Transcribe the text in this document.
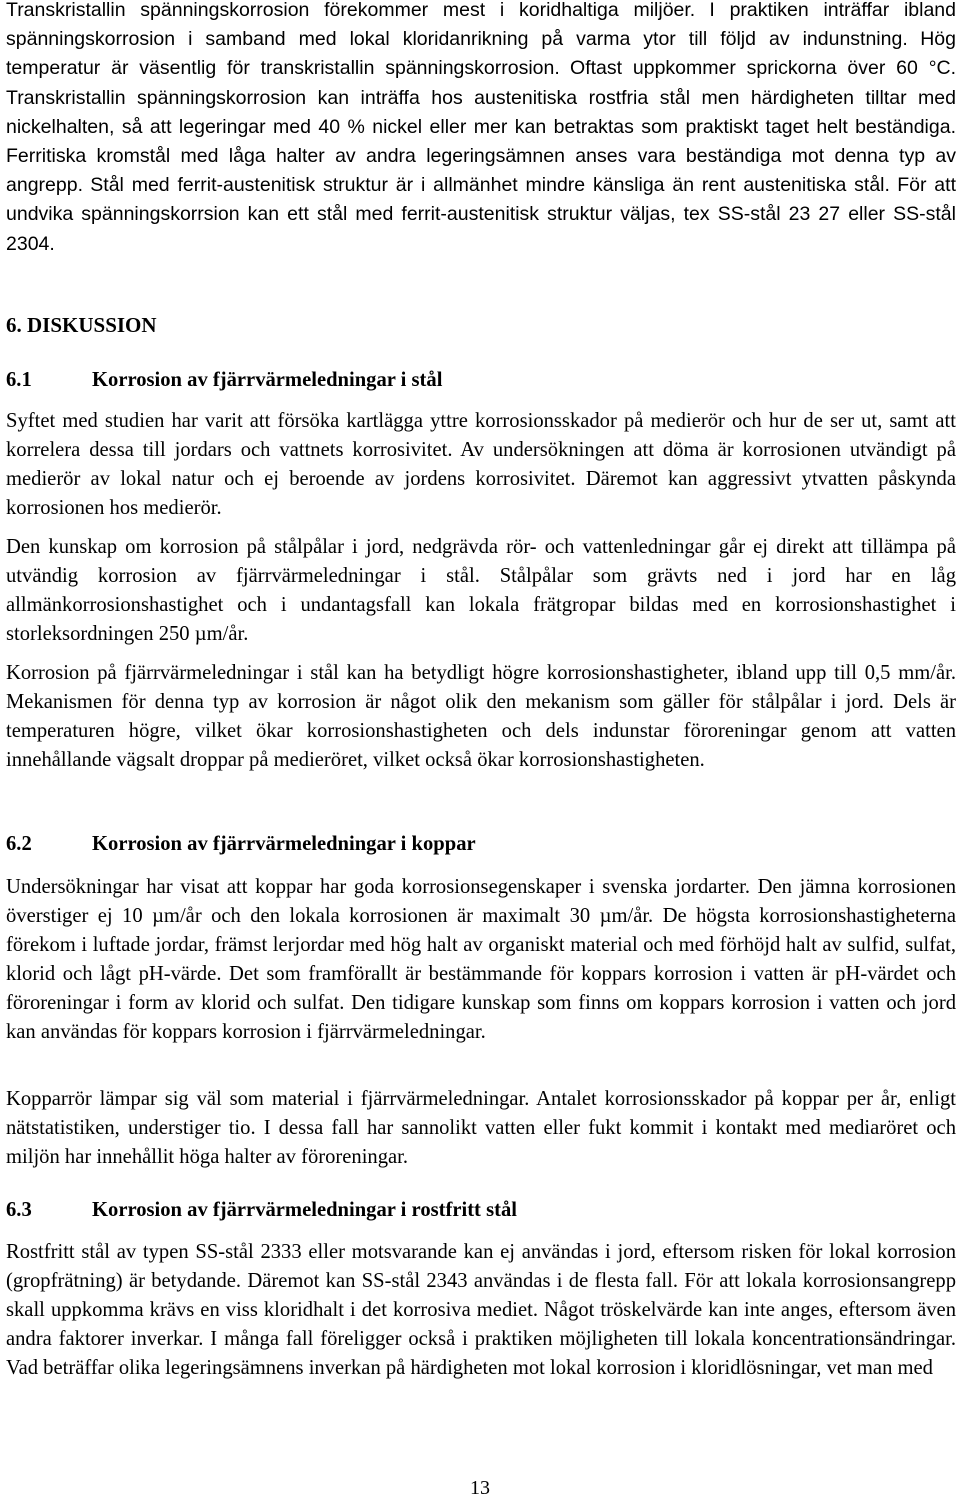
Transkristallin spänningskorrosion förekommer mest i koridhaltiga miljöer. I praktiken inträffar ibland spänningskorrosion i samband med lokal kloridanrikning på varma ytor till följd av indunstning. Hög temperatur är väsentlig för transkristallin spänningskorrosion. Oftast uppkommer sprickorna över 60 °C. Transkristallin spänningskorrosion kan inträffa hos austenitiska rostfria stål men härdigheten tilltar med nickelhalten, så att legeringar med 40 % nickel eller mer kan betraktas som praktiskt taget helt beständiga. Ferritiska kromstål med låga halter av andra legeringsämnen anses vara beständiga mot denna typ av angrepp. Stål med ferrit-austenitisk struktur är i allmänhet mindre känsliga än rent austenitiska stål. För att undvika spänningskorrsion kan ett stål med ferrit-austenitisk struktur väljas, tex SS-stål 23 27 eller SS-stål 2304.

6. DISKUSSION
6.1	Korrosion av fjärrvärmeledningar i stål

Syftet med studien har varit att försöka kartlägga yttre korrosionsskador på medierör och hur de ser ut, samt att korrelera dessa till jordars och vattnets korrosivitet. Av undersökningen att döma är korrosionen utvändigt på medierör av lokal natur och ej beroende av jordens korrosivitet. Däremot kan aggressivt ytvatten påskynda korrosionen hos medierör.

Den kunskap om korrosion på stålpålar i jord, nedgrävda rör- och vattenledningar går ej direkt att tillämpa på utvändig korrosion av fjärrvärmeledningar i stål. Stålpålar som grävts ned i jord har en låg allmänkorrosionshastighet och i undantagsfall kan lokala frätgropar bildas med en korrosionshastighet i storleksordningen 250 µm/år.

Korrosion på fjärrvärmeledningar i stål kan ha betydligt högre korrosionshastigheter, ibland upp till 0,5 mm/år. Mekanismen för denna typ av korrosion är något olik den mekanism som gäller för stålpålar i jord. Dels är temperaturen högre, vilket ökar korrosionshastigheten och dels indunstar föroreningar genom att vatten innehållande vägsalt droppar på medieröret, vilket också ökar korrosionshastigheten.

6.2	Korrosion av fjärrvärmeledningar i koppar

Undersökningar har visat att koppar har goda korrosionsegenskaper i svenska jordarter. Den jämna korrosionen överstiger ej 10 µm/år och den lokala korrosionen är maximalt 30 µm/år. De högsta korrosionshastigheterna förekom i luftade jordar, främst lerjordar med hög halt av organiskt material och med förhöjd halt av sulfid, sulfat, klorid och lågt pH-värde. Det som framförallt är bestämmande för koppars korrosion i vatten är pH-värdet och föroreningar i form av klorid och sulfat. Den tidigare kunskap som finns om koppars korrosion i vatten och jord kan användas för koppars korrosion i fjärrvärmeledningar.

Kopparrör lämpar sig väl som material i fjärrvärmeledningar. Antalet korrosionsskador på koppar per år, enligt nätstatistiken, understiger tio. I dessa fall har sannolikt vatten eller fukt kommit i kontakt med mediaröret och miljön har innehållit höga halter av föroreningar.

6.3	Korrosion av fjärrvärmeledningar i rostfritt stål

Rostfritt stål av typen SS-stål 2333 eller motsvarande kan ej användas i jord, eftersom risken för lokal korrosion (gropfrätning) är betydande. Däremot kan SS-stål 2343 användas i de flesta fall. För att lokala korrosionsangrepp skall uppkomma krävs en viss kloridhalt i det korrosiva mediet. Något tröskelvärde kan inte anges, eftersom även andra faktorer inverkar. I många fall föreligger också i praktiken möjligheten till lokala koncentrationsändringar. Vad beträffar olika legeringsämnens inverkan på härdigheten mot lokal korrosion i kloridlösningar, vet man med

13
